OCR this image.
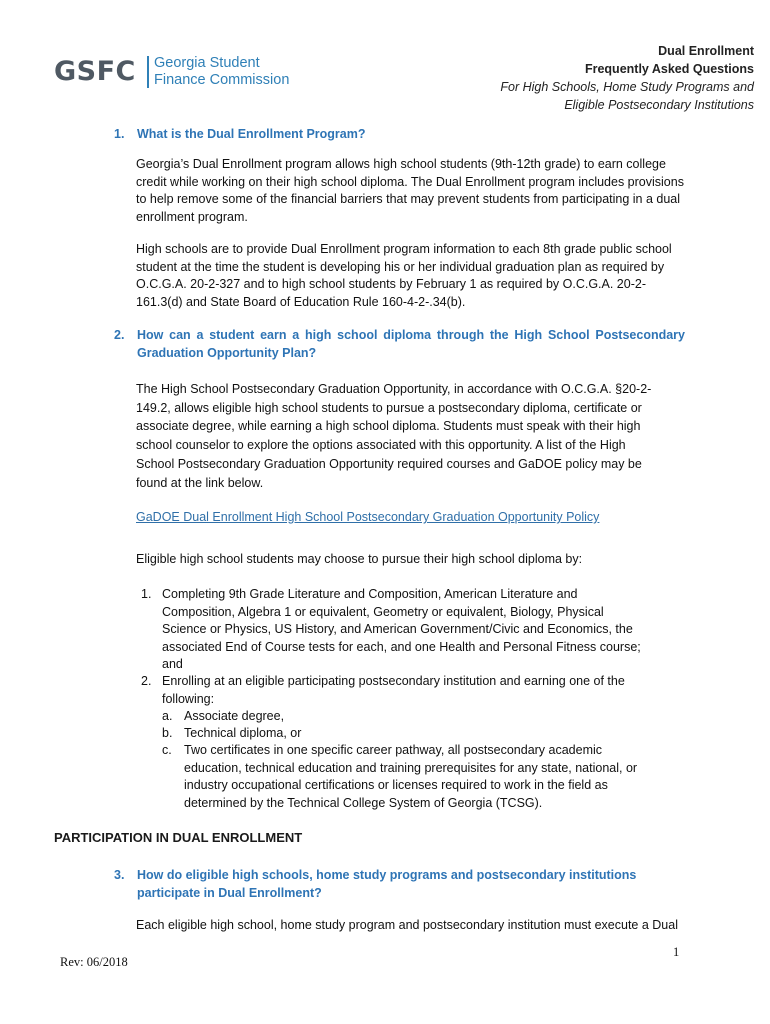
GSFC Georgia Student
Finance Commission
Dual Enrollment
Frequently Asked Questions
For High Schools, Home Study Programs and
Eligible Postsecondary Institutions
1. What is the Dual Enrollment Program?
Georgia’s Dual Enrollment program allows high school students (9th-12th grade) to earn college credit while working on their high school diploma. The Dual Enrollment program includes provisions to help remove some of the financial barriers that may prevent students from participating in a dual enrollment program.
High schools are to provide Dual Enrollment program information to each 8th grade public school student at the time the student is developing his or her individual graduation plan as required by O.C.G.A. 20-2-327 and to high school students by February 1 as required by O.C.G.A. 20-2-161.3(d) and State Board of Education Rule 160-4-2-.34(b).
2. How can a student earn a high school diploma through the High School Postsecondary Graduation Opportunity Plan?
The High School Postsecondary Graduation Opportunity, in accordance with O.C.G.A. §20-2-149.2, allows eligible high school students to pursue a postsecondary diploma, certificate or associate degree, while earning a high school diploma. Students must speak with their high school counselor to explore the options associated with this opportunity. A list of the High School Postsecondary Graduation Opportunity required courses and GaDOE policy may be found at the link below.
GaDOE Dual Enrollment High School Postsecondary Graduation Opportunity Policy
Eligible high school students may choose to pursue their high school diploma by:
1. Completing 9th Grade Literature and Composition, American Literature and Composition, Algebra 1 or equivalent, Geometry or equivalent, Biology, Physical Science or Physics, US History, and American Government/Civic and Economics, the associated End of Course tests for each, and one Health and Personal Fitness course; and
2. Enrolling at an eligible participating postsecondary institution and earning one of the following:
a. Associate degree,
b. Technical diploma, or
c. Two certificates in one specific career pathway, all postsecondary academic education, technical education and training prerequisites for any state, national, or industry occupational certifications or licenses required to work in the field as determined by the Technical College System of Georgia (TCSG).
PARTICIPATION IN DUAL ENROLLMENT
3. How do eligible high schools, home study programs and postsecondary institutions participate in Dual Enrollment?
Each eligible high school, home study program and postsecondary institution must execute a Dual
Rev: 06/2018
1
